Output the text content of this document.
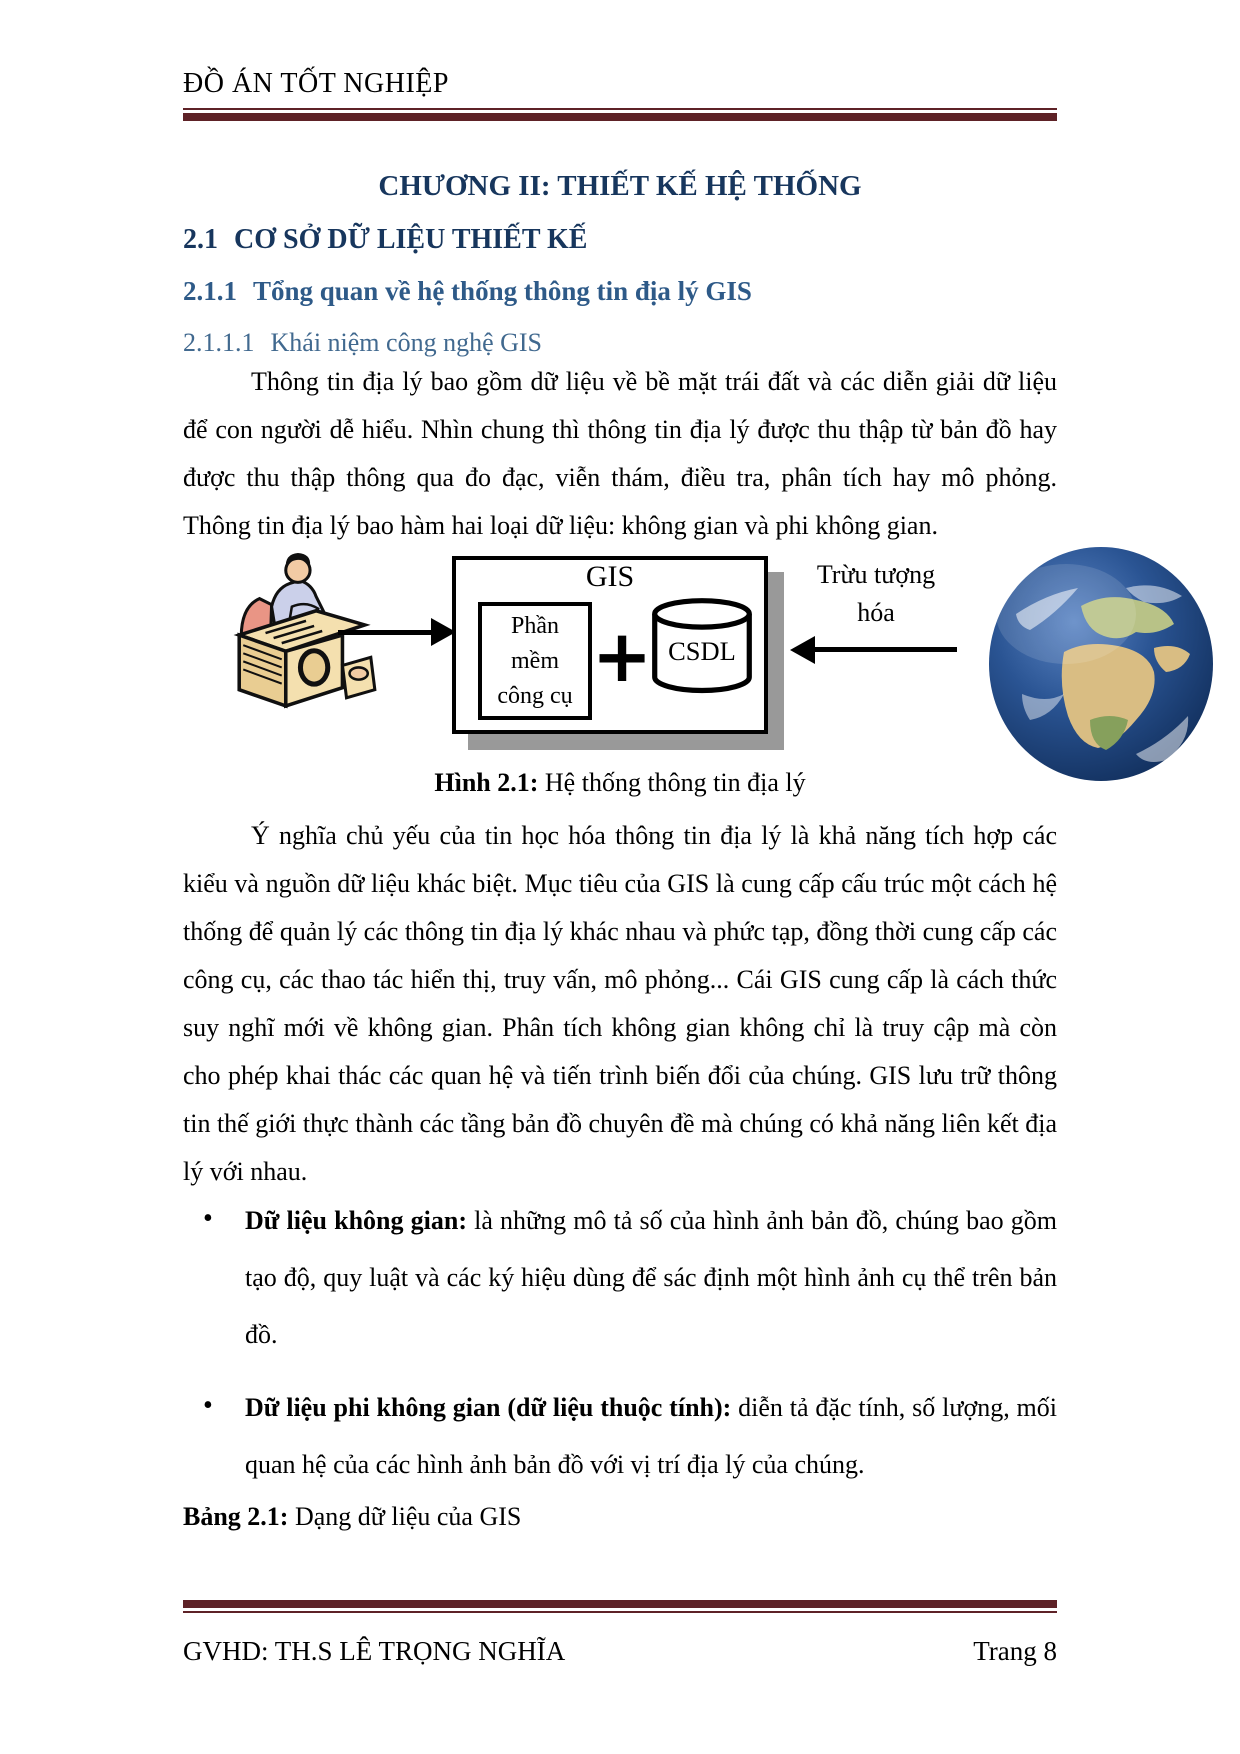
ĐỒ ÁN TỐT NGHIỆP
CHƯƠNG II: THIẾT KẾ HỆ THỐNG
2.1 CƠ SỞ DỮ LIỆU THIẾT KẾ
2.1.1 Tổng quan về hệ thống thông tin địa lý GIS
2.1.1.1 Khái niệm công nghệ GIS
Thông tin địa lý bao gồm dữ liệu về bề mặt trái đất và các diễn giải dữ liệu để con người dễ hiểu. Nhìn chung thì thông tin địa lý được thu thập từ bản đồ hay được thu thập thông qua đo đạc, viễn thám, điều tra, phân tích hay mô phỏng. Thông tin địa lý bao hàm hai loại dữ liệu: không gian và phi không gian.
GIS
Phần
mềm
công cụ + CSDL
Trừu tượng
hóa
Hình 2.1: Hệ thống thông tin địa lý
Ý nghĩa chủ yếu của tin học hóa thông tin địa lý là khả năng tích hợp các kiểu và nguồn dữ liệu khác biệt. Mục tiêu của GIS là cung cấp cấu trúc một cách hệ thống để quản lý các thông tin địa lý khác nhau và phức tạp, đồng thời cung cấp các công cụ, các thao tác hiển thị, truy vấn, mô phỏng... Cái GIS cung cấp là cách thức suy nghĩ mới về không gian. Phân tích không gian không chỉ là truy cập mà còn cho phép khai thác các quan hệ và tiến trình biến đổi của chúng. GIS lưu trữ thông tin thế giới thực thành các tầng bản đồ chuyên đề mà chúng có khả năng liên kết địa lý với nhau.
• Dữ liệu không gian: là những mô tả số của hình ảnh bản đồ, chúng bao gồm tạo độ, quy luật và các ký hiệu dùng để sác định một hình ảnh cụ thể trên bản đồ.
• Dữ liệu phi không gian (dữ liệu thuộc tính): diễn tả đặc tính, số lượng, mối quan hệ của các hình ảnh bản đồ với vị trí địa lý của chúng.
Bảng 2.1: Dạng dữ liệu của GIS
GVHD: TH.S LÊ TRỌNG NGHĨA	Trang 8
